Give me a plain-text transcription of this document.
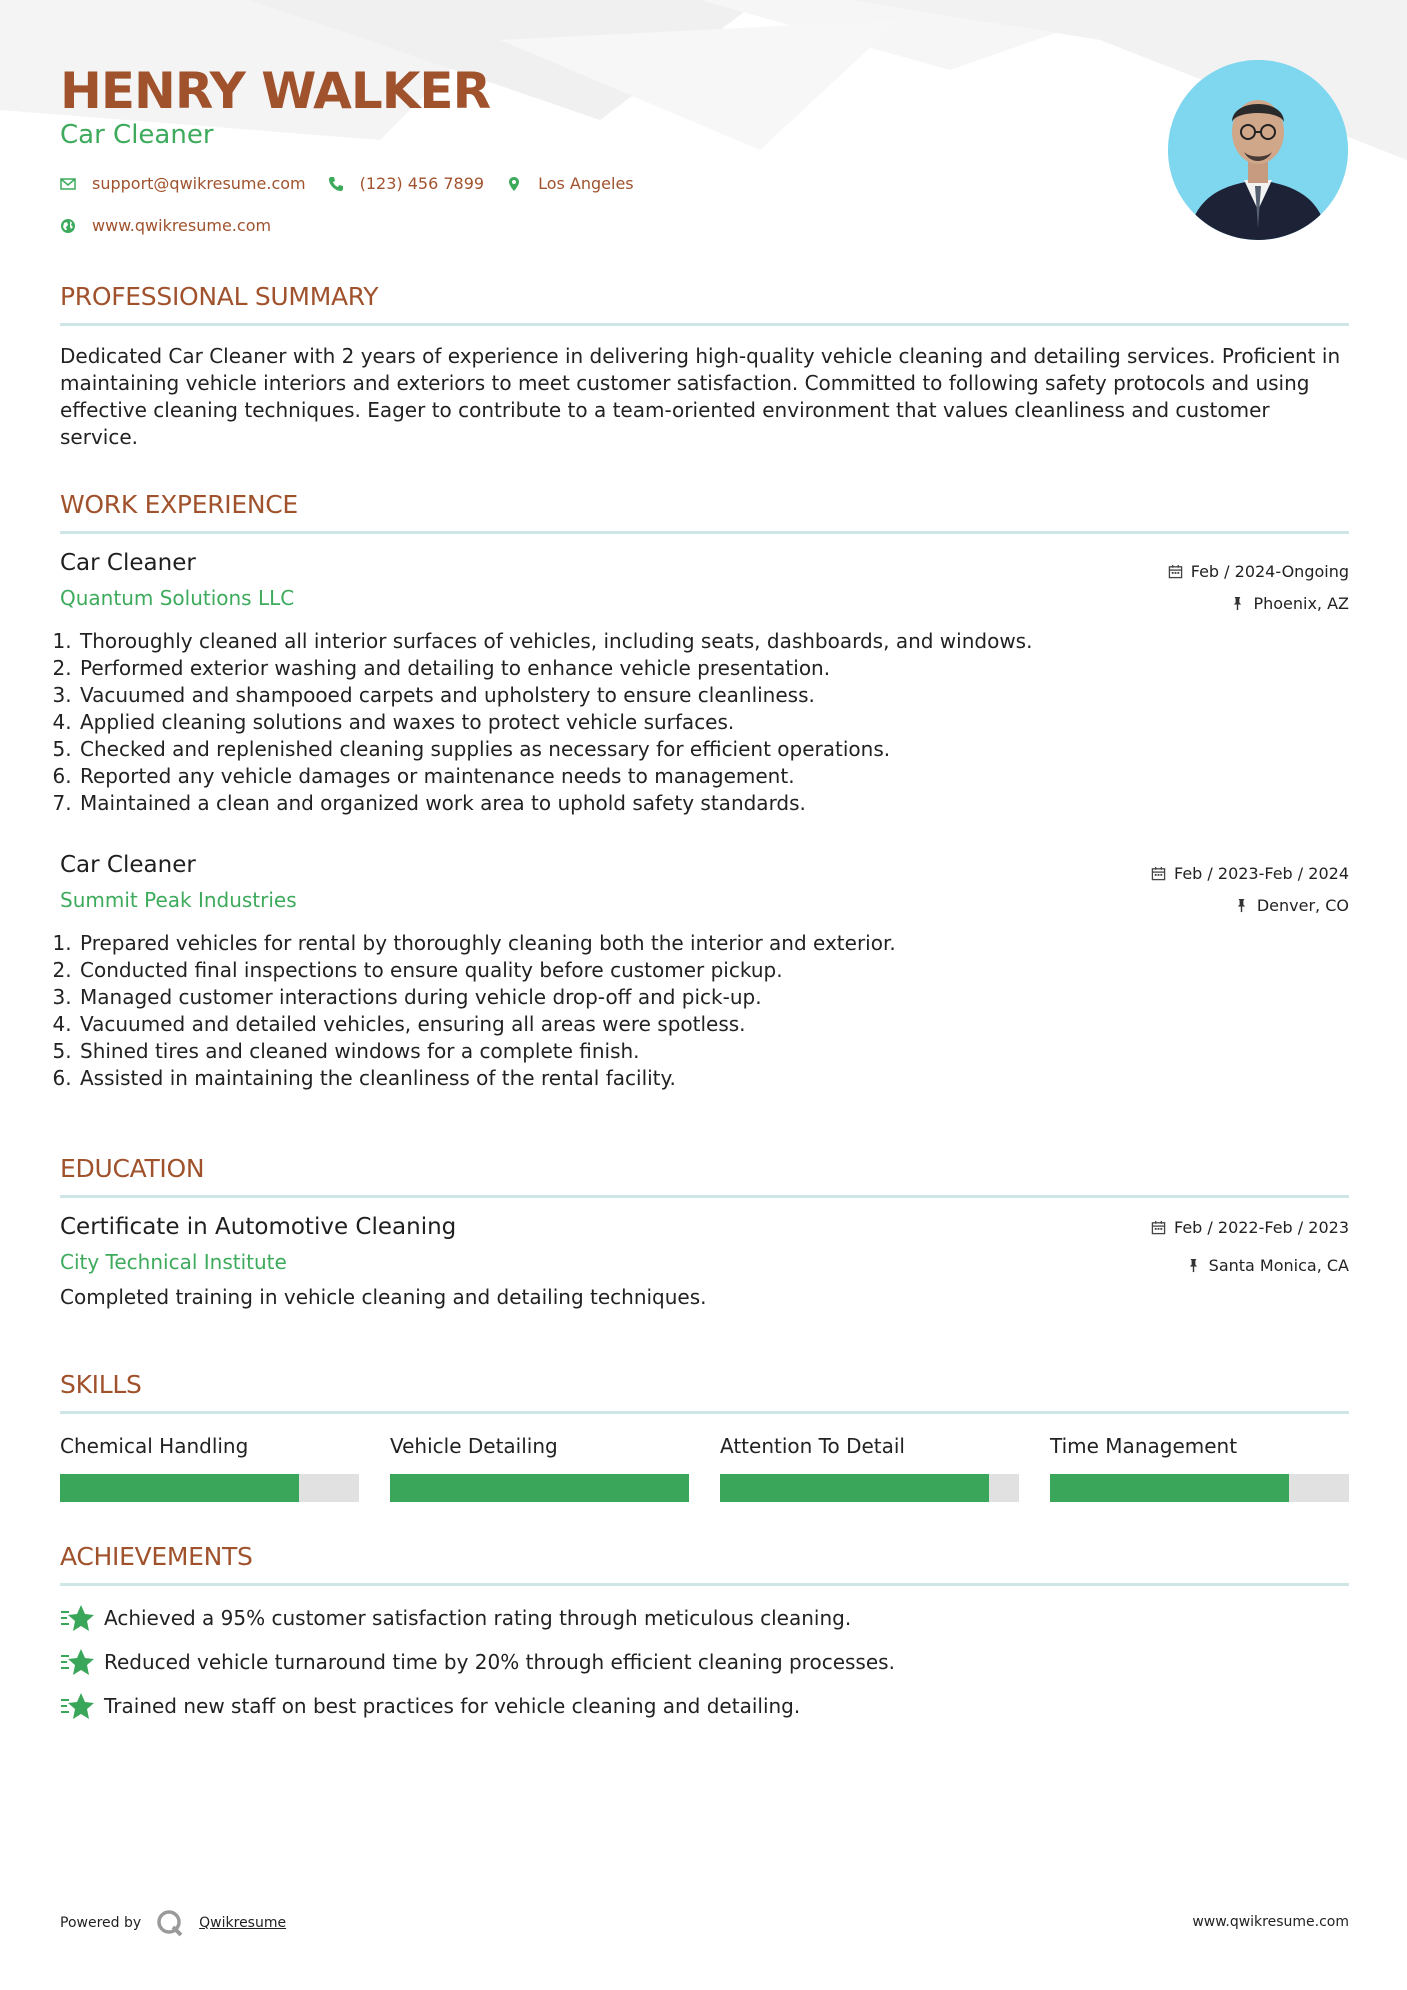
HENRY WALKER
Car Cleaner
support@qwikresume.com	(123) 456 7899	Los Angeles
www.qwikresume.com
PROFESSIONAL SUMMARY
Dedicated Car Cleaner with 2 years of experience in delivering high-quality vehicle cleaning and detailing services. Proficient in maintaining vehicle interiors and exteriors to meet customer satisfaction. Committed to following safety protocols and using effective cleaning techniques. Eager to contribute to a team-oriented environment that values cleanliness and customer service.
WORK EXPERIENCE
Car Cleaner
Quantum Solutions LLC
Feb / 2024-Ongoing
Phoenix, AZ
1. Thoroughly cleaned all interior surfaces of vehicles, including seats, dashboards, and windows.
2. Performed exterior washing and detailing to enhance vehicle presentation.
3. Vacuumed and shampooed carpets and upholstery to ensure cleanliness.
4. Applied cleaning solutions and waxes to protect vehicle surfaces.
5. Checked and replenished cleaning supplies as necessary for efficient operations.
6. Reported any vehicle damages or maintenance needs to management.
7. Maintained a clean and organized work area to uphold safety standards.
Car Cleaner
Summit Peak Industries
Feb / 2023-Feb / 2024
Denver, CO
1. Prepared vehicles for rental by thoroughly cleaning both the interior and exterior.
2. Conducted final inspections to ensure quality before customer pickup.
3. Managed customer interactions during vehicle drop-off and pick-up.
4. Vacuumed and detailed vehicles, ensuring all areas were spotless.
5. Shined tires and cleaned windows for a complete finish.
6. Assisted in maintaining the cleanliness of the rental facility.
EDUCATION
Certificate in Automotive Cleaning
City Technical Institute
Feb / 2022-Feb / 2023
Santa Monica, CA
Completed training in vehicle cleaning and detailing techniques.
SKILLS
Chemical Handling	Vehicle Detailing	Attention To Detail	Time Management
ACHIEVEMENTS
Achieved a 95% customer satisfaction rating through meticulous cleaning.
Reduced vehicle turnaround time by 20% through efficient cleaning processes.
Trained new staff on best practices for vehicle cleaning and detailing.
Powered by	Qwikresume	www.qwikresume.com
